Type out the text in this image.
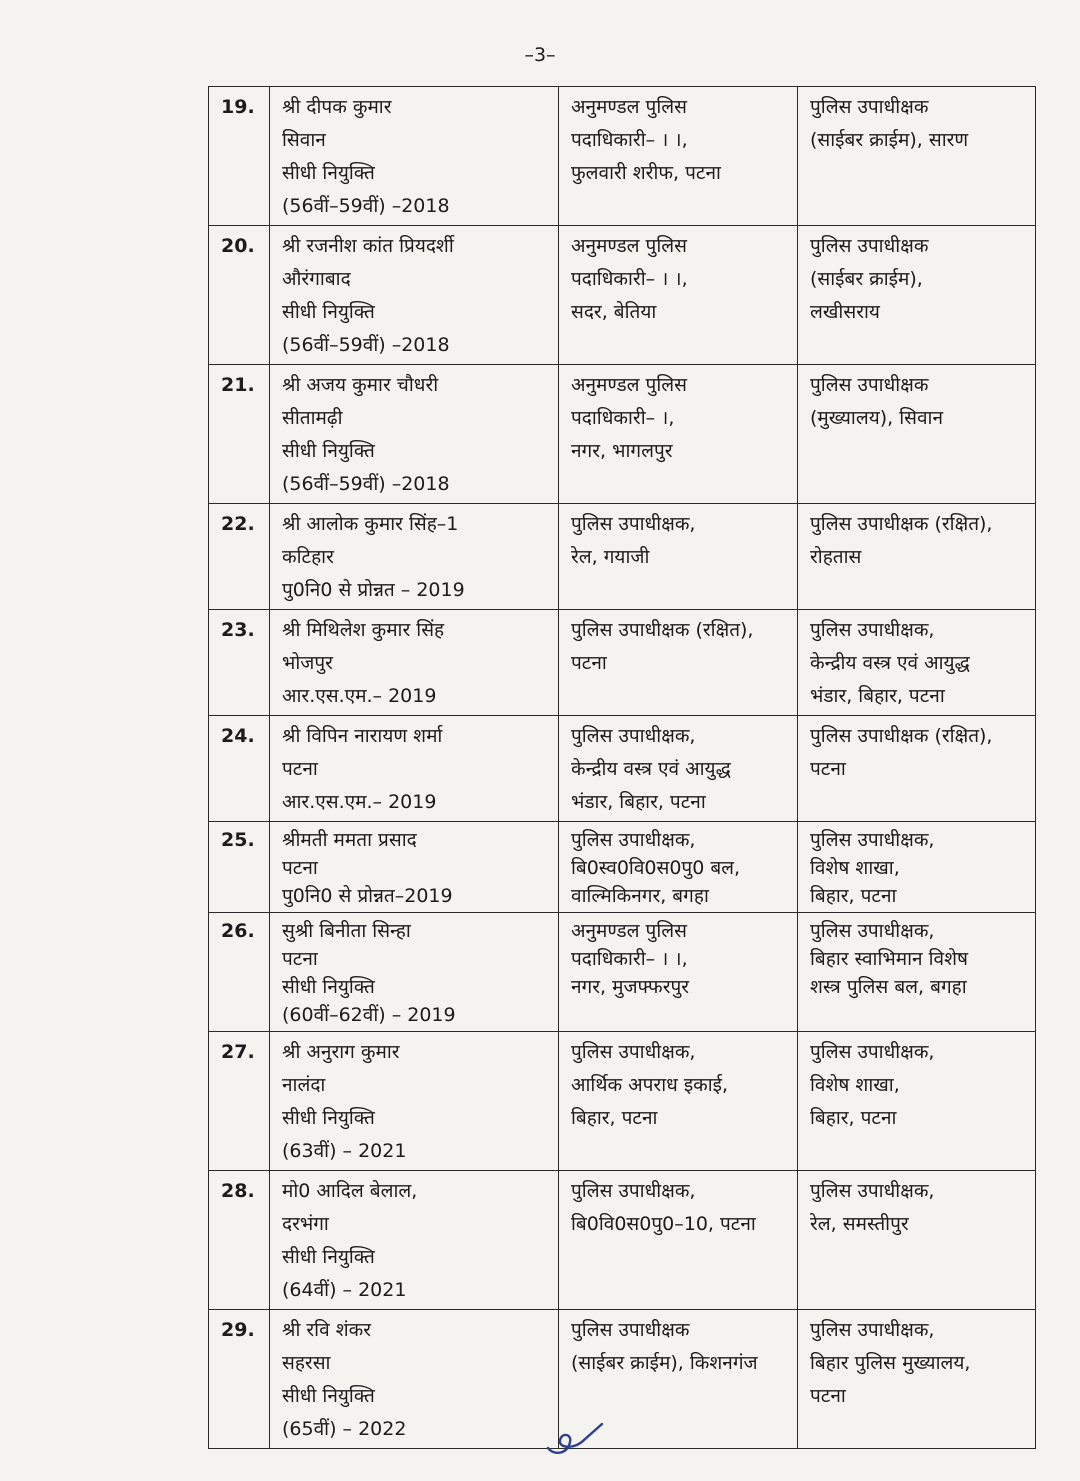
–3–
19.	श्री दीपक कुमार
सिवान
सीधी नियुक्ति
(56वीं–59वीं) –2018	अनुमण्डल पुलिस
पदाधिकारी– । ।,
फुलवारी शरीफ, पटना	पुलिस उपाधीक्षक
(साईबर क्राईम), सारण

20.	श्री रजनीश कांत प्रियदर्शी
औरंगाबाद
सीधी नियुक्ति
(56वीं–59वीं) –2018	अनुमण्डल पुलिस
पदाधिकारी– । ।,
सदर, बेतिया	पुलिस उपाधीक्षक
(साईबर क्राईम),
लखीसराय

21.	श्री अजय कुमार चौधरी
सीतामढ़ी
सीधी नियुक्ति
(56वीं–59वीं) –2018	अनुमण्डल पुलिस
पदाधिकारी– ।,
नगर, भागलपुर	पुलिस उपाधीक्षक
(मुख्यालय), सिवान

22.	श्री आलोक कुमार सिंह–1
कटिहार
पु0नि0 से प्रोन्नत – 2019	पुलिस उपाधीक्षक,
रेल, गयाजी	पुलिस उपाधीक्षक (रक्षित),
रोहतास

23.	श्री मिथिलेश कुमार सिंह
भोजपुर
आर.एस.एम.– 2019	पुलिस उपाधीक्षक (रक्षित),
पटना	पुलिस उपाधीक्षक,
केन्द्रीय वस्त्र एवं आयुद्ध
भंडार, बिहार, पटना

24.	श्री विपिन नारायण शर्मा
पटना
आर.एस.एम.– 2019	पुलिस उपाधीक्षक,
केन्द्रीय वस्त्र एवं आयुद्ध
भंडार, बिहार, पटना	पुलिस उपाधीक्षक (रक्षित),
पटना

25.	श्रीमती ममता प्रसाद
पटना
पु0नि0 से प्रोन्नत–2019	पुलिस उपाधीक्षक,
बि0स्व0वि0स0पु0 बल,
वाल्मिकिनगर, बगहा	पुलिस उपाधीक्षक,
विशेष शाखा,
बिहार, पटना

26.	सुश्री बिनीता सिन्हा
पटना
सीधी नियुक्ति
(60वीं–62वीं) – 2019	अनुमण्डल पुलिस
पदाधिकारी– । ।,
नगर, मुजफ्फरपुर	पुलिस उपाधीक्षक,
बिहार स्वाभिमान विशेष
शस्त्र पुलिस बल, बगहा

27.	श्री अनुराग कुमार
नालंदा
सीधी नियुक्ति
(63वीं) – 2021	पुलिस उपाधीक्षक,
आर्थिक अपराध इकाई,
बिहार, पटना	पुलिस उपाधीक्षक,
विशेष शाखा,
बिहार, पटना

28.	मो0 आदिल बेलाल,
दरभंगा
सीधी नियुक्ति
(64वीं) – 2021	पुलिस उपाधीक्षक,
बि0वि0स0पु0–10, पटना	पुलिस उपाधीक्षक,
रेल, समस्तीपुर

29.	श्री रवि शंकर
सहरसा
सीधी नियुक्ति
(65वीं) – 2022	पुलिस उपाधीक्षक
(साईबर क्राईम), किशनगंज	पुलिस उपाधीक्षक,
बिहार पुलिस मुख्यालय,
पटना
